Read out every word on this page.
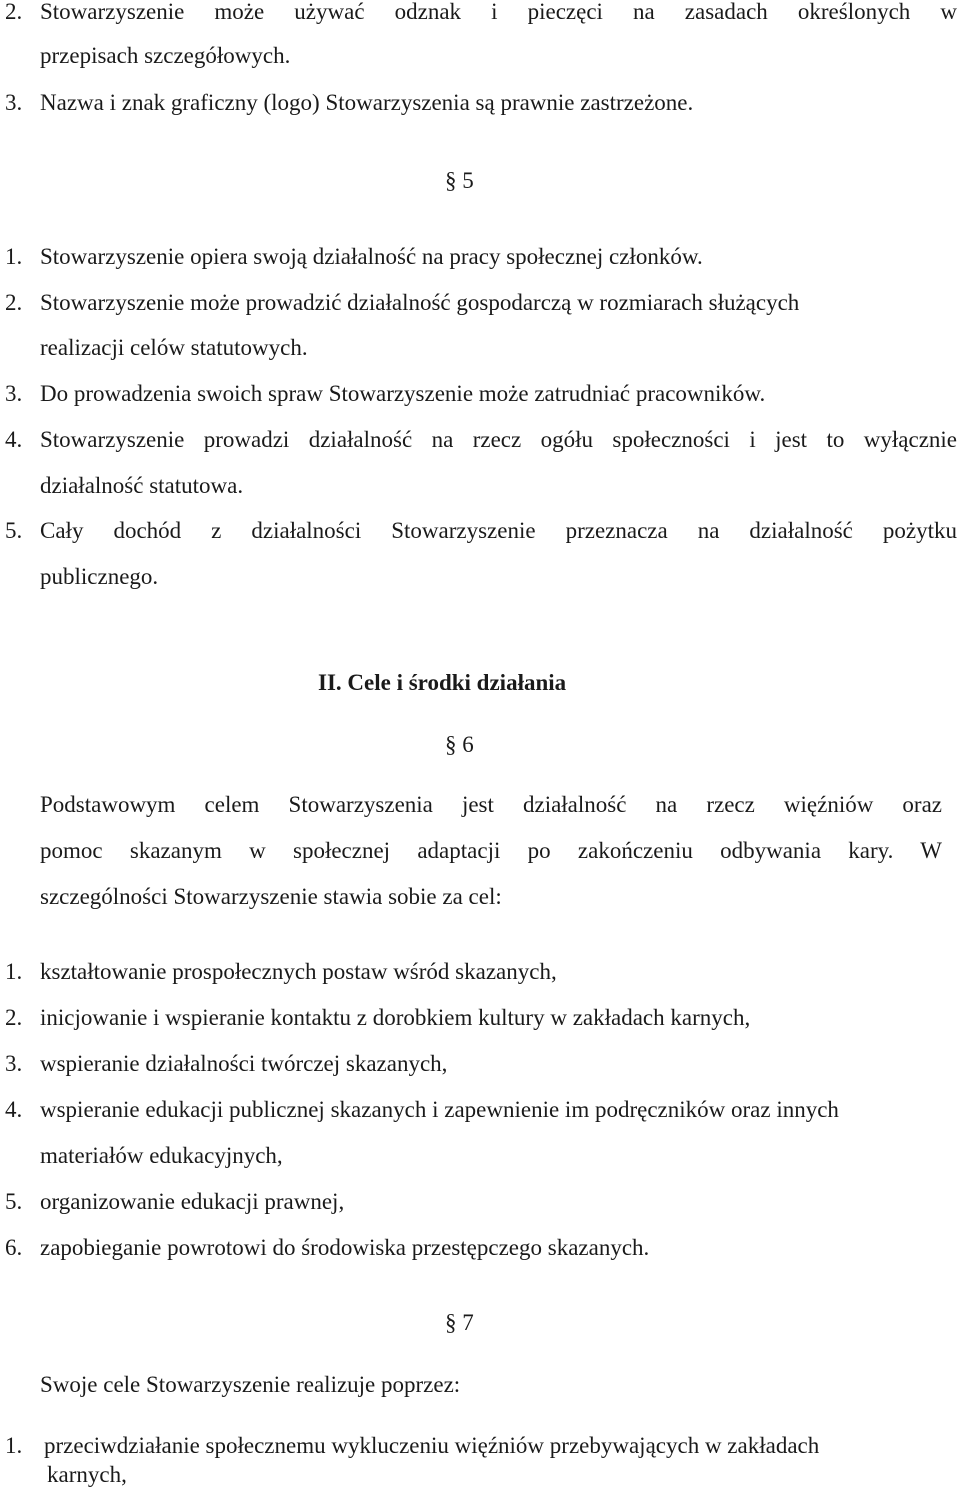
2. Stowarzyszenie może używać odznak i pieczęci na zasadach określonych w
przepisach szczegółowych.
3. Nazwa i znak graficzny (logo) Stowarzyszenia są prawnie zastrzeżone.
§ 5
1. Stowarzyszenie opiera swoją działalność na pracy społecznej członków.
2. Stowarzyszenie może prowadzić działalność gospodarczą w rozmiarach służących
realizacji celów statutowych.
3. Do prowadzenia swoich spraw Stowarzyszenie może zatrudniać pracowników.
4. Stowarzyszenie prowadzi działalność na rzecz ogółu społeczności i jest to wyłącznie
działalność statutowa.
5. Cały dochód z działalności Stowarzyszenie przeznacza na działalność pożytku
publicznego.
II. Cele i środki działania
§ 6
Podstawowym celem Stowarzyszenia jest działalność na rzecz więźniów oraz
pomoc skazanym w społecznej adaptacji po zakończeniu odbywania kary. W
szczególności Stowarzyszenie stawia sobie za cel:
1. kształtowanie prospołecznych postaw wśród skazanych,
2. inicjowanie i wspieranie kontaktu z dorobkiem kultury w zakładach karnych,
3. wspieranie działalności twórczej skazanych,
4. wspieranie edukacji publicznej skazanych i zapewnienie im podręczników oraz innych
materiałów edukacyjnych,
5. organizowanie edukacji prawnej,
6. zapobieganie powrotowi do środowiska przestępczego skazanych.
§ 7
Swoje cele Stowarzyszenie realizuje poprzez:
1. przeciwdziałanie społecznemu wykluczeniu więźniów przebywających w zakładach
karnych,
